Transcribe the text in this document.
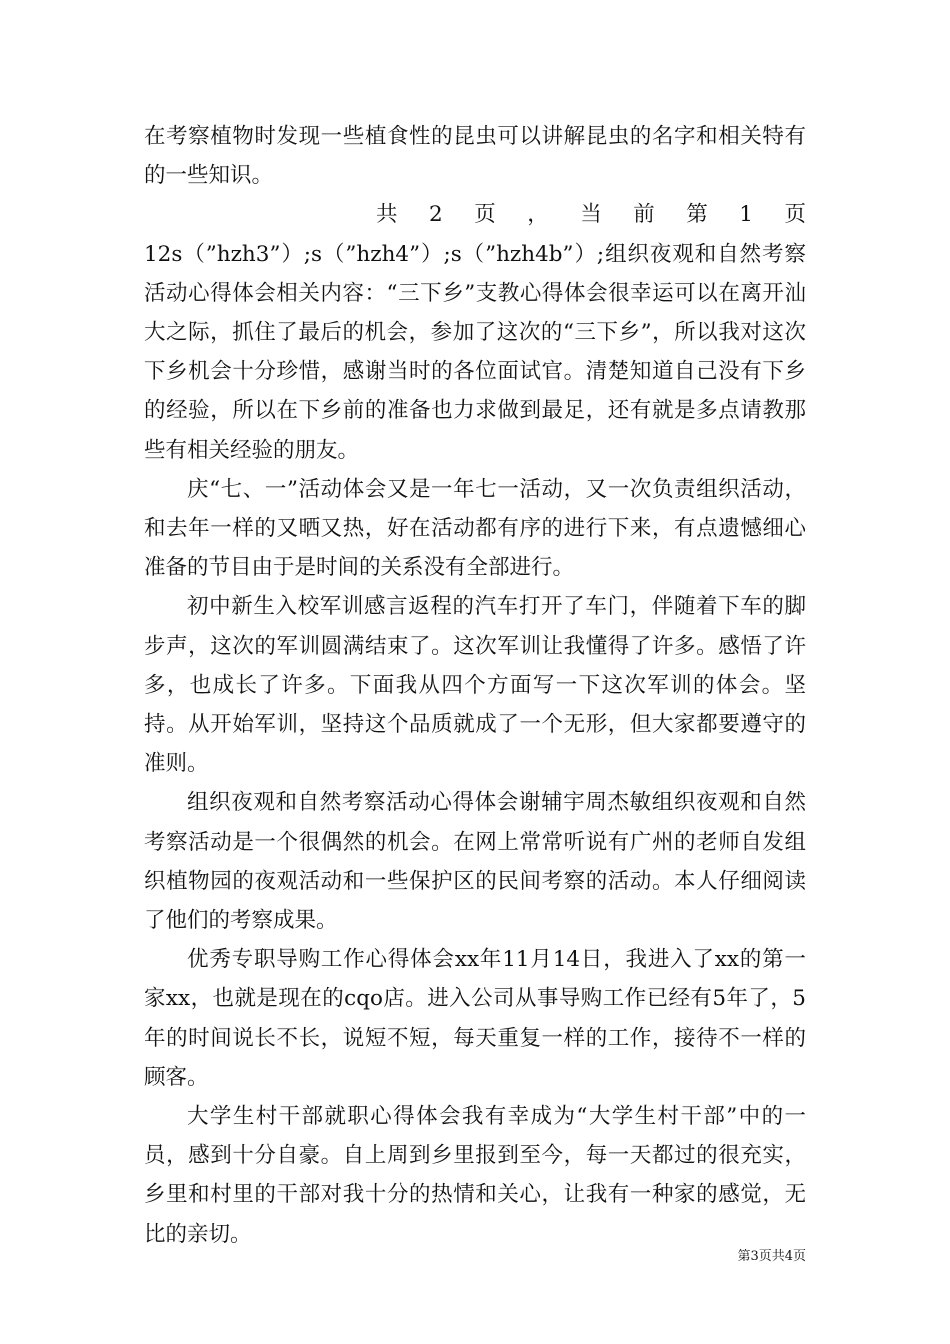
在考察植物时发现一些植食性的昆虫可以讲解昆虫的名字和相关特有的一些知识。

共 2 页 ， 当 前 第 1 页

12s（”hzh3”）;s（”hzh4”）;s（”hzh4b”）;组织夜观和自然考察活动心得体会相关内容：“三下乡”支教心得体会很幸运可以在离开汕大之际，抓住了最后的机会，参加了这次的“三下乡”，所以我对这次下乡机会十分珍惜，感谢当时的各位面试官。清楚知道自己没有下乡的经验，所以在下乡前的准备也力求做到最足，还有就是多点请教那些有相关经验的朋友。

庆“七、一”活动体会又是一年七一活动，又一次负责组织活动，和去年一样的又晒又热，好在活动都有序的进行下来，有点遗憾细心准备的节目由于是时间的关系没有全部进行。

初中新生入校军训感言返程的汽车打开了车门，伴随着下车的脚步声，这次的军训圆满结束了。这次军训让我懂得了许多。感悟了许多，也成长了许多。下面我从四个方面写一下这次军训的体会。坚持。从开始军训，坚持这个品质就成了一个无形，但大家都要遵守的准则。

组织夜观和自然考察活动心得体会谢辅宇周杰敏组织夜观和自然考察活动是一个很偶然的机会。在网上常常听说有广州的老师自发组织植物园的夜观活动和一些保护区的民间考察的活动。本人仔细阅读了他们的考察成果。

优秀专职导购工作心得体会xx年11月14日，我进入了xx的第一家xx，也就是现在的cqo店。进入公司从事导购工作已经有5年了，5年的时间说长不长，说短不短，每天重复一样的工作，接待不一样的顾客。

大学生村干部就职心得体会我有幸成为“大学生村干部”中的一员，感到十分自豪。自上周到乡里报到至今，每一天都过的很充实，乡里和村里的干部对我十分的热情和关心，让我有一种家的感觉，无比的亲切。

第3页共4页
